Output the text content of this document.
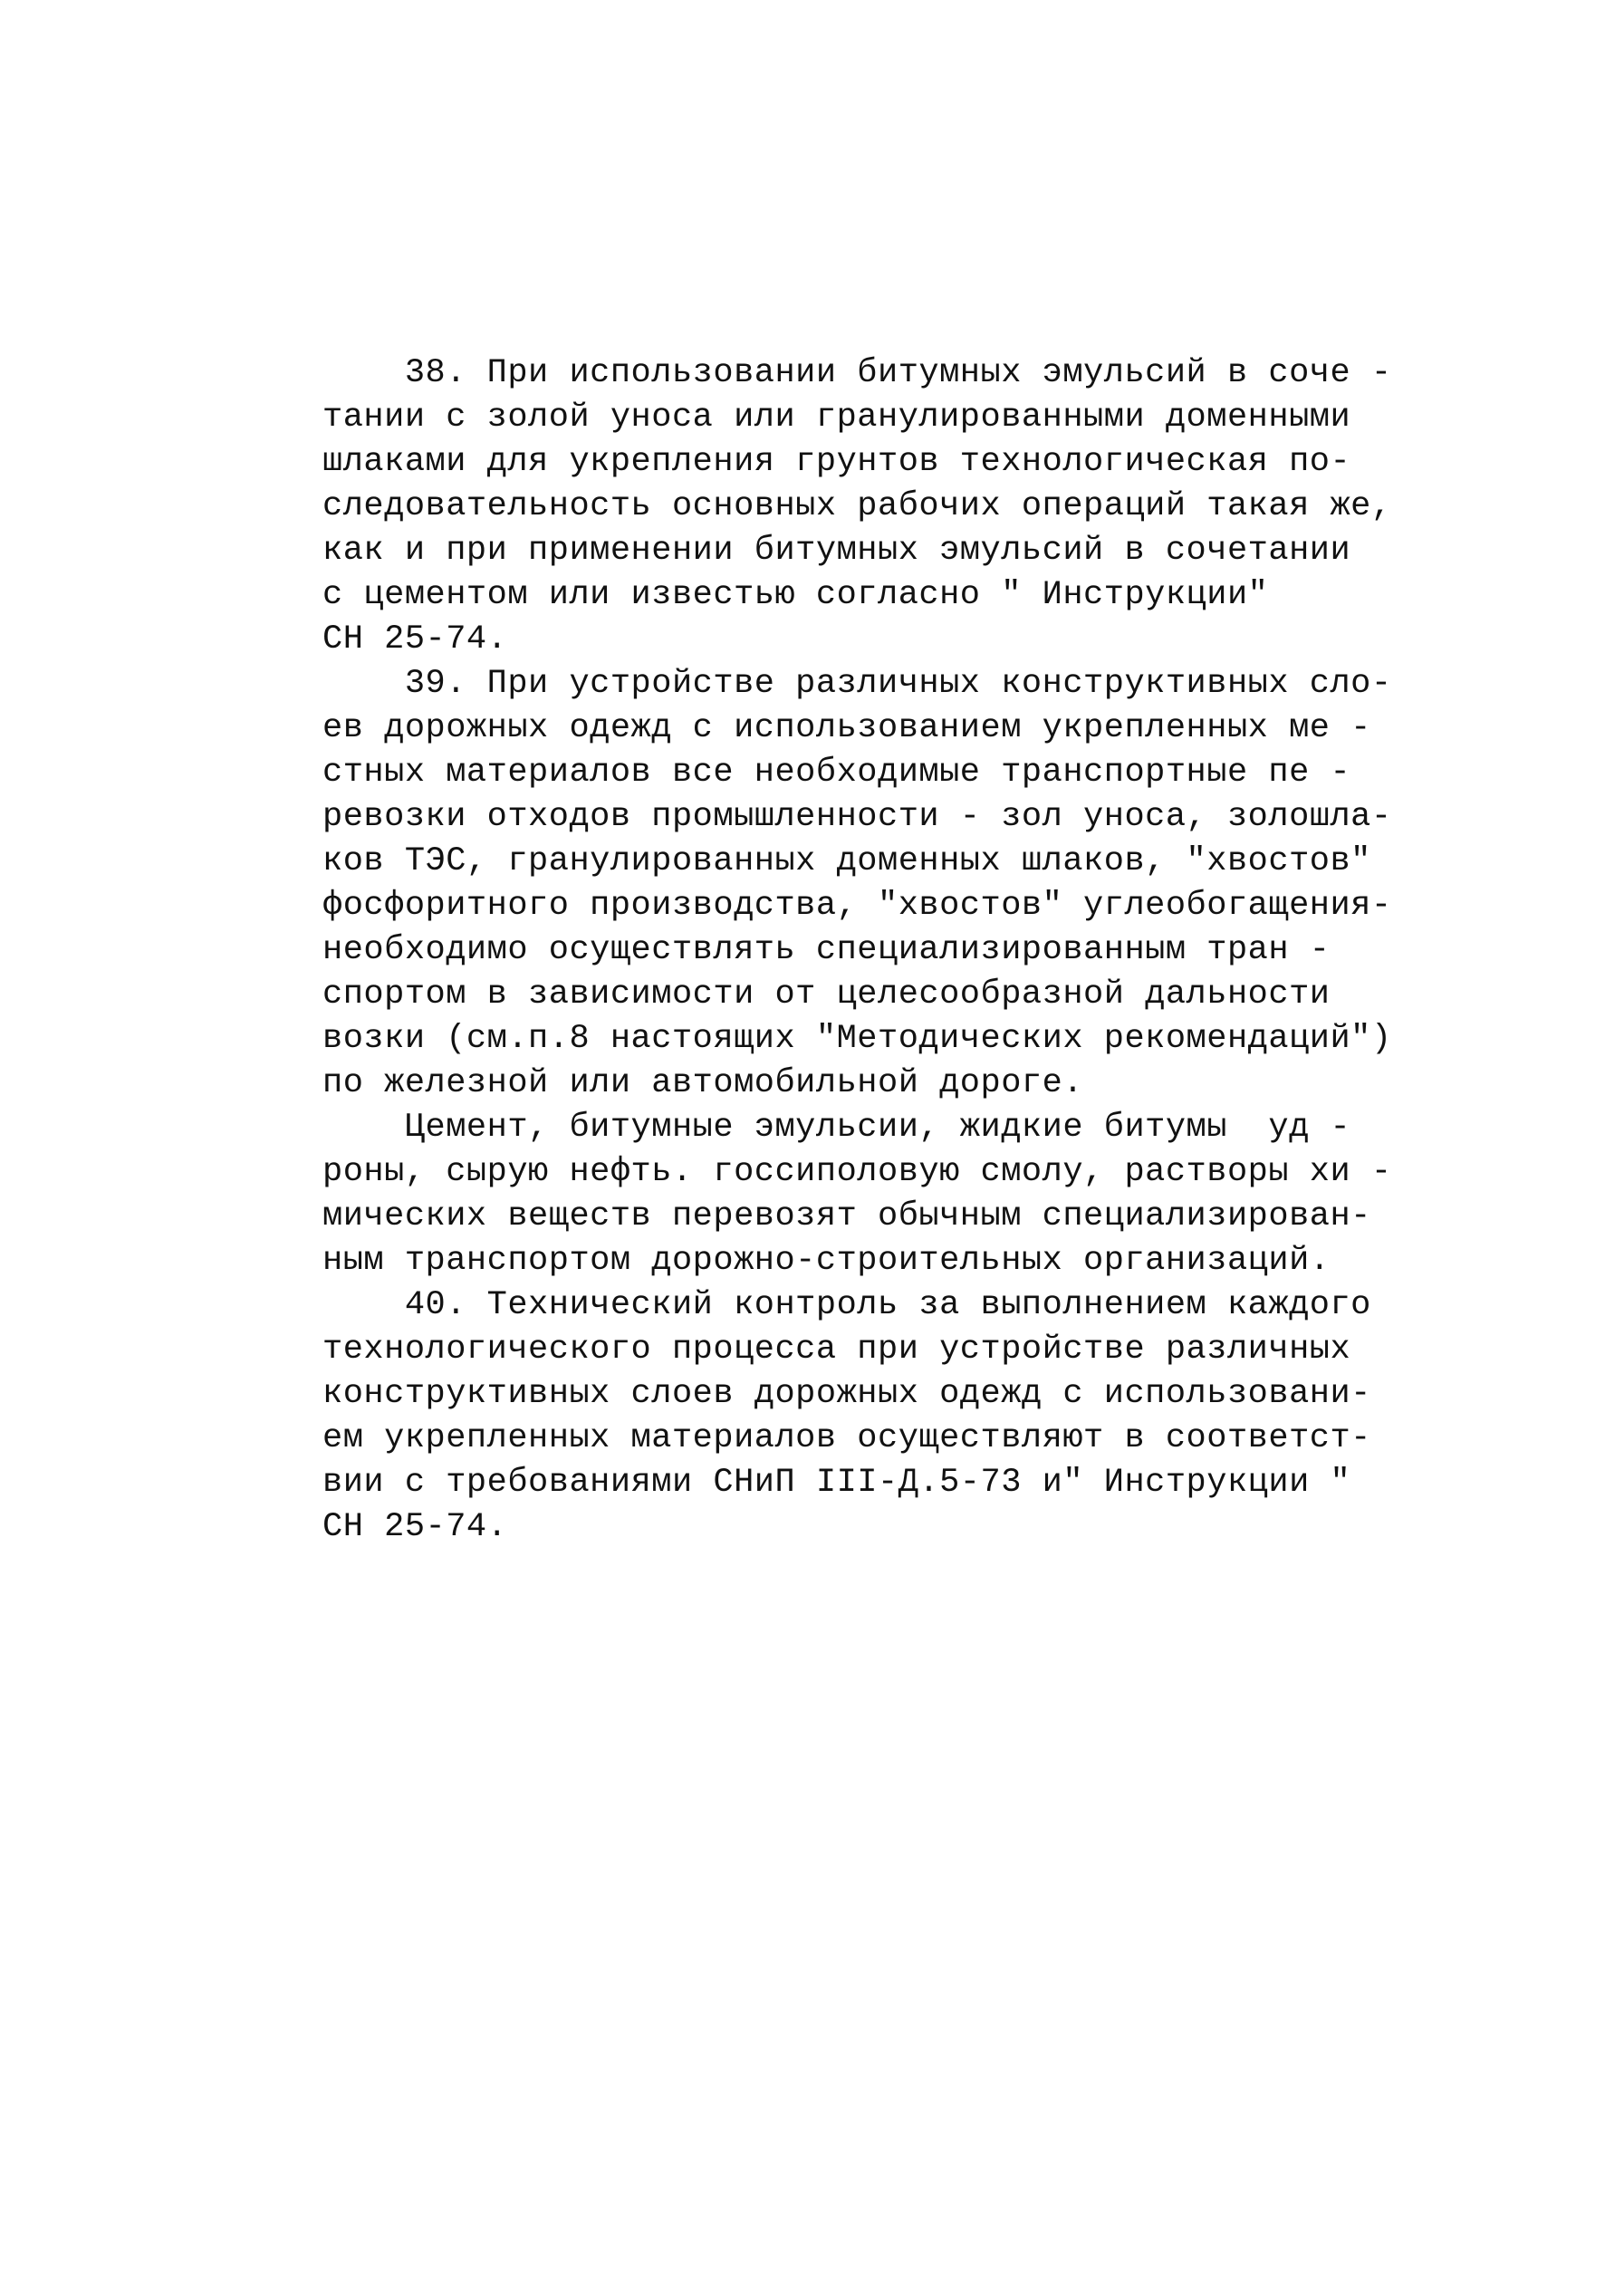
38. При использовании битумных эмульсий в соче -
тании с золой уноса или гранулированными доменными
шлаками для укрепления грунтов технологическая по-
следовательность основных рабочих операций такая же,
как и при применении битумных эмульсий в сочетании
с цементом или известью согласно " Инструкции"
СН 25-74.
39. При устройстве различных конструктивных сло-
ев дорожных одежд с использованием укрепленных ме -
стных материалов все необходимые транспортные пе -
ревозки отходов промышленности - зол уноса, золошла-
ков ТЭС, гранулированных доменных шлаков, "хвостов"
фосфоритного производства, "хвостов" углеобогащения-
необходимо осуществлять специализированным тран -
спортом в зависимости от целесообразной дальности
возки (см.п.8 настоящих "Методических рекомендаций")
по железной или автомобильной дороге.
Цемент, битумные эмульсии, жидкие битумы  уд -
роны, сырую нефть. госсиполовую смолу, растворы хи -
мических веществ перевозят обычным специализирован-
ным транспортом дорожно-строительных организаций.
40. Технический контроль за выполнением каждого
технологического процесса при устройстве различных
конструктивных слоев дорожных одежд с использовани-
ем укрепленных материалов осуществляют в соответст-
вии с требованиями СНиП III-Д.5-73 и" Инструкции "
СН 25-74.
